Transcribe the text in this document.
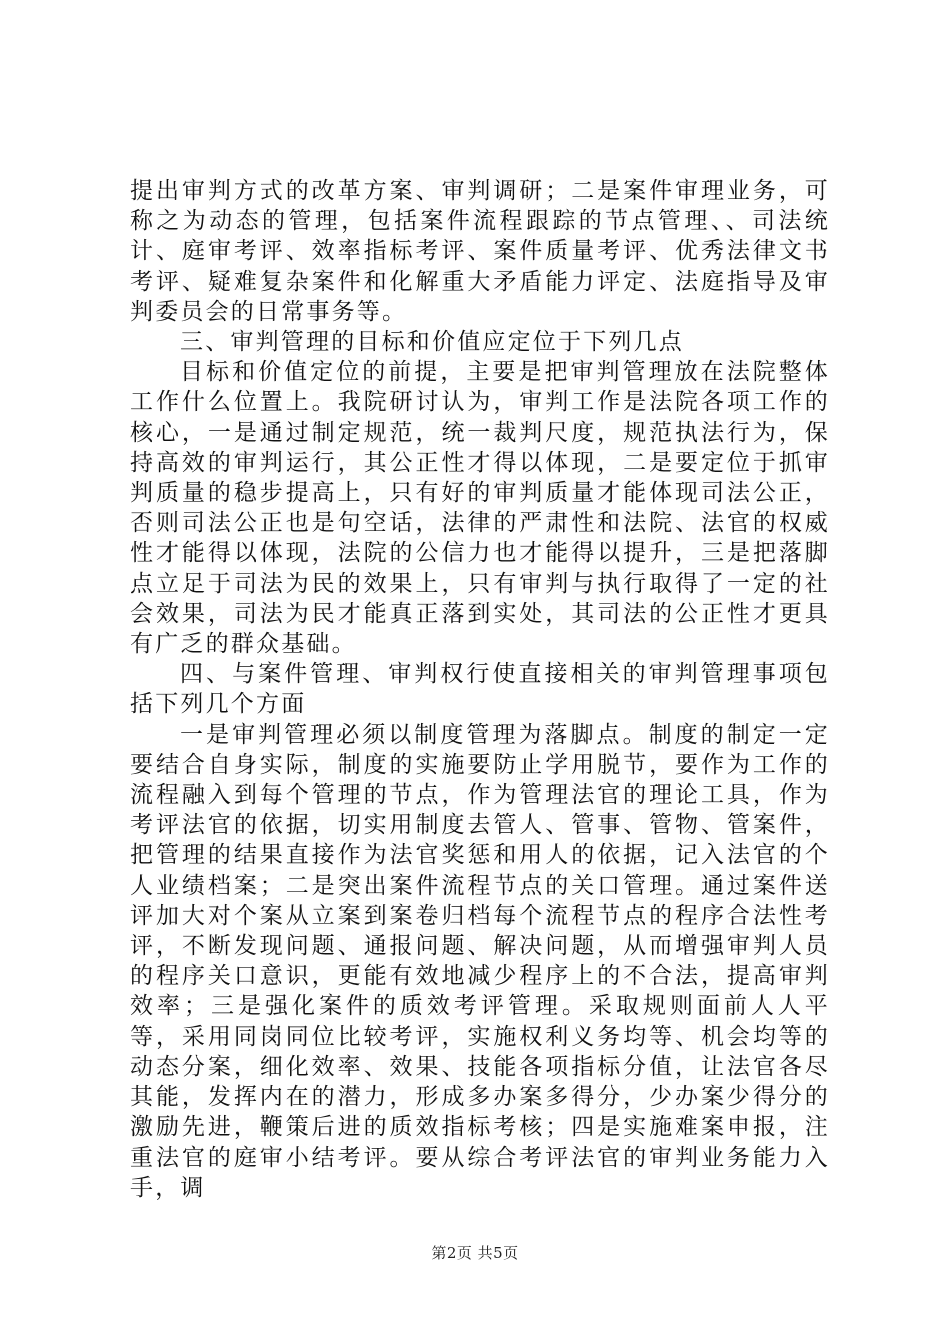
提出审判方式的改革方案、审判调研；二是案件审理业务，可称之为动态的管理，包括案件流程跟踪的节点管理、、司法统计、庭审考评、效率指标考评、案件质量考评、优秀法律文书考评、疑难复杂案件和化解重大矛盾能力评定、法庭指导及审判委员会的日常事务等。

三、审判管理的目标和价值应定位于下列几点

目标和价值定位的前提，主要是把审判管理放在法院整体工作什么位置上。我院研讨认为，审判工作是法院各项工作的核心，一是通过制定规范，统一裁判尺度，规范执法行为，保持高效的审判运行，其公正性才得以体现，二是要定位于抓审判质量的稳步提高上，只有好的审判质量才能体现司法公正，否则司法公正也是句空话，法律的严肃性和法院、法官的权威性才能得以体现，法院的公信力也才能得以提升，三是把落脚点立足于司法为民的效果上，只有审判与执行取得了一定的社会效果，司法为民才能真正落到实处，其司法的公正性才更具有广乏的群众基础。

四、与案件管理、审判权行使直接相关的审判管理事项包括下列几个方面

一是审判管理必须以制度管理为落脚点。制度的制定一定要结合自身实际，制度的实施要防止学用脱节，要作为工作的流程融入到每个管理的节点，作为管理法官的理论工具，作为考评法官的依据，切实用制度去管人、管事、管物、管案件，把管理的结果直接作为法官奖惩和用人的依据，记入法官的个人业绩档案；二是突出案件流程节点的关口管理。通过案件送评加大对个案从立案到案卷归档每个流程节点的程序合法性考评，不断发现问题、通报问题、解决问题，从而增强审判人员的程序关口意识，更能有效地减少程序上的不合法，提高审判效率；三是强化案件的质效考评管理。采取规则面前人人平等，采用同岗同位比较考评，实施权利义务均等、机会均等的动态分案，细化效率、效果、技能各项指标分值，让法官各尽其能，发挥内在的潜力，形成多办案多得分，少办案少得分的激励先进，鞭策后进的质效指标考核；四是实施难案申报，注重法官的庭审小结考评。要从综合考评法官的审判业务能力入手，调

第2页 共5页
